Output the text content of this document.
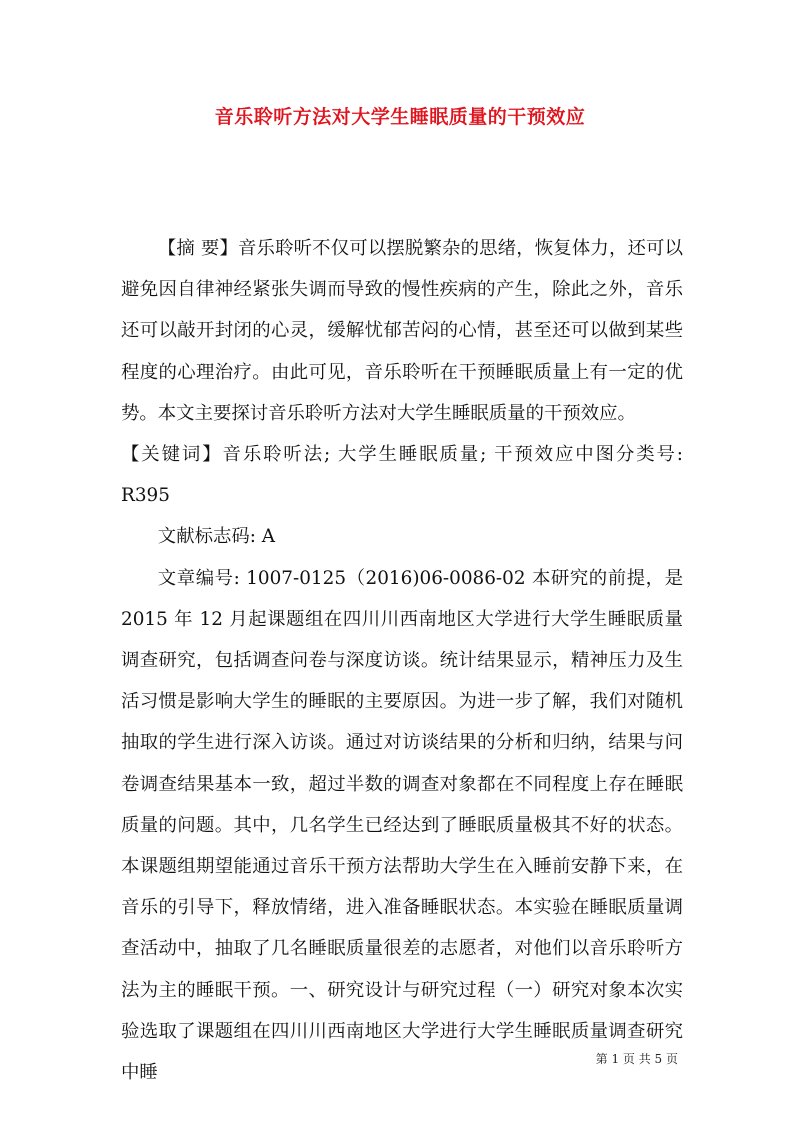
音乐聆听方法对大学生睡眠质量的干预效应

【摘 要】音乐聆听不仅可以摆脱繁杂的思绪，恢复体力，还可以避免因自律神经紧张失调而导致的慢性疾病的产生，除此之外，音乐还可以敲开封闭的心灵，缓解忧郁苦闷的心情，甚至还可以做到某些程度的心理治疗。由此可见，音乐聆听在干预睡眠质量上有一定的优势。本文主要探讨音乐聆听方法对大学生睡眠质量的干预效应。

【关键词】音乐聆听法; 大学生睡眠质量; 干预效应中图分类号: R395

文献标志码: A

文章编号: 1007-0125（2016)06-0086-02 本研究的前提，是 2015 年 12 月起课题组在四川川西南地区大学进行大学生睡眠质量调查研究，包括调查问卷与深度访谈。统计结果显示，精神压力及生活习惯是影响大学生的睡眠的主要原因。为进一步了解，我们对随机抽取的学生进行深入访谈。通过对访谈结果的分析和归纳，结果与问卷调查结果基本一致，超过半数的调查对象都在不同程度上存在睡眠质量的问题。其中，几名学生已经达到了睡眠质量极其不好的状态。本课题组期望能通过音乐干预方法帮助大学生在入睡前安静下来，在音乐的引导下，释放情绪，进入准备睡眠状态。本实验在睡眠质量调查活动中，抽取了几名睡眠质量很差的志愿者，对他们以音乐聆听方法为主的睡眠干预。一、研究设计与研究过程（一）研究对象本次实验选取了课题组在四川川西南地区大学进行大学生睡眠质量调查研究中睡

第 1 页 共 5 页
